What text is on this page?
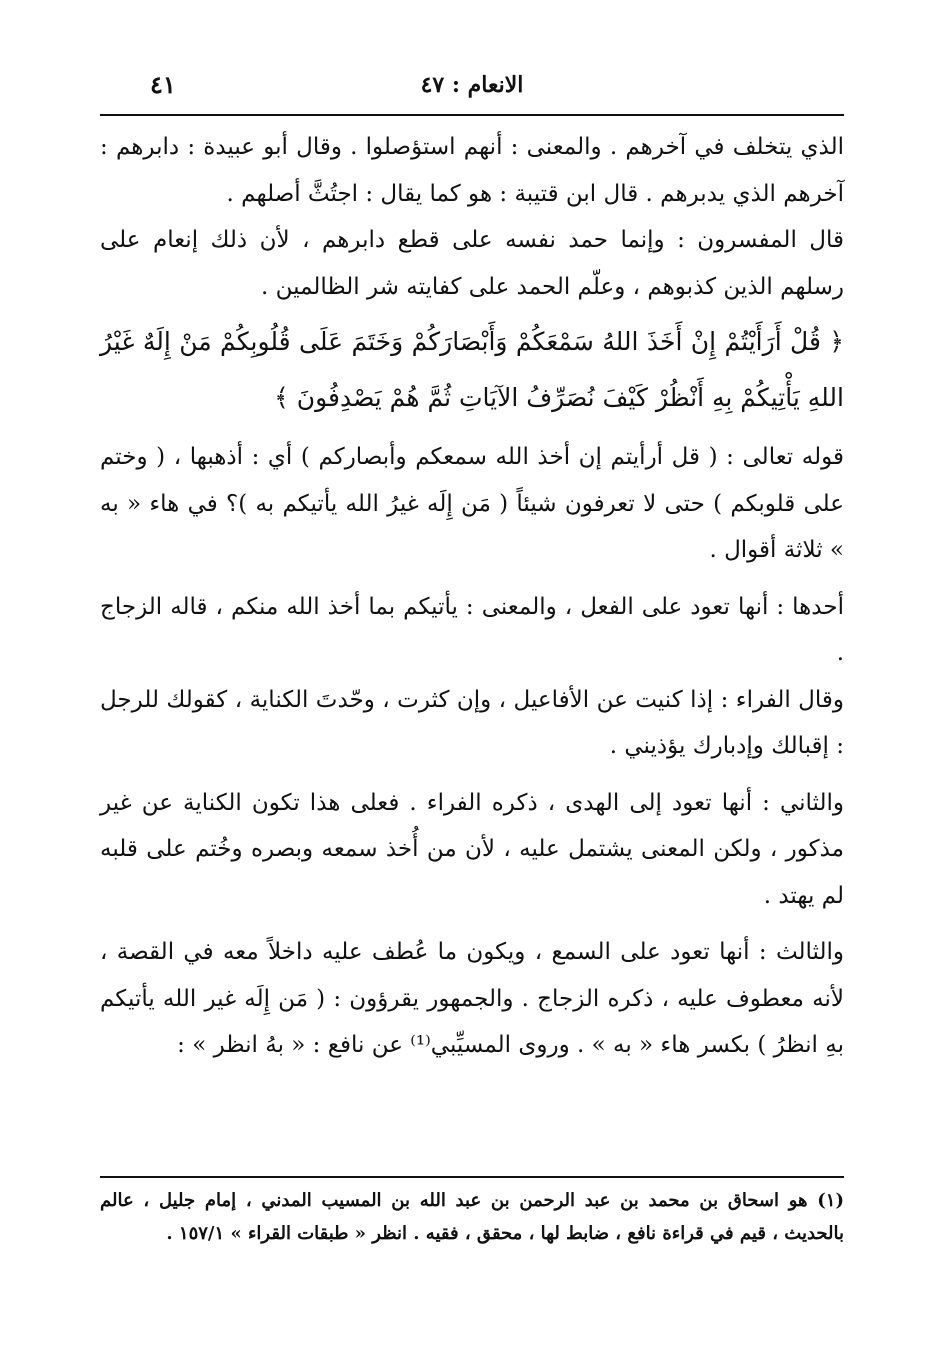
الانعام : ٤٧
٤١

الذي يتخلف في آخرهم . والمعنى : أنهم استؤصلوا . وقال أبو عبيدة : دابرهم : آخرهم الذي يدبرهم . قال ابن قتيبة : هو كما يقال : اجتُثَّ أصلهم .

قال المفسرون : وإنما حمد نفسه على قطع دابرهم ، لأن ذلك إنعام على رسلهم الذين كذبوهم ، وعلّم الحمد على كفايته شر الظالمين .

﴿ قُلْ أَرَأَيْتُمْ إِنْ أَخَذَ اللهُ سَمْعَكُمْ وَأَبْصَارَكُمْ وَخَتَمَ عَلَى قُلُوبِكُمْ مَنْ إِلَهٌ غَيْرُ اللهِ يَأْتِيكُمْ بِهِ أَنْظُرْ كَيْفَ نُصَرِّفُ الآيَاتِ ثُمَّ هُمْ يَصْدِفُونَ ﴾

قوله تعالى : ( قل أرأيتم إن أخذ الله سمعكم وأبصاركم ) أي : أذهبها ، ( وختم على قلوبكم ) حتى لا تعرفون شيئاً ( مَن إِلَه غيرُ الله يأتيكم به )؟ في هاء « به » ثلاثة أقوال .

أحدها : أنها تعود على الفعل ، والمعنى : يأتيكم بما أخذ الله منكم ، قاله الزجاج .

وقال الفراء : إذا كنيت عن الأفاعيل ، وإن كثرت ، وحّدتَ الكناية ، كقولك للرجل : إقبالك وإدبارك يؤذيني .

والثاني : أنها تعود إلى الهدى ، ذكره الفراء . فعلى هذا تكون الكناية عن غير مذكور ، ولكن المعنى يشتمل عليه ، لأن من أُخذ سمعه وبصره وخُتم على قلبه لم يهتد .

والثالث : أنها تعود على السمع ، ويكون ما عُطف عليه داخلاً معه في القصة ، لأنه معطوف عليه ، ذكره الزجاج . والجمهور يقرؤون : ( مَن إِلَه غير الله يأتيكم بهِ انظرُ ) بكسر هاء « به » . وروى المسيِّبي⁽¹⁾ عن نافع : « بهُ انظر » :

(١) هو اسحاق بن محمد بن عبد الرحمن بن عبد الله بن المسيب المدني ، إمام جليل ، عالم بالحديث ، قيم في قراءة نافع ، ضابط لها ، محقق ، فقيه . انظر « طبقات القراء » ١٥٧/١ .
